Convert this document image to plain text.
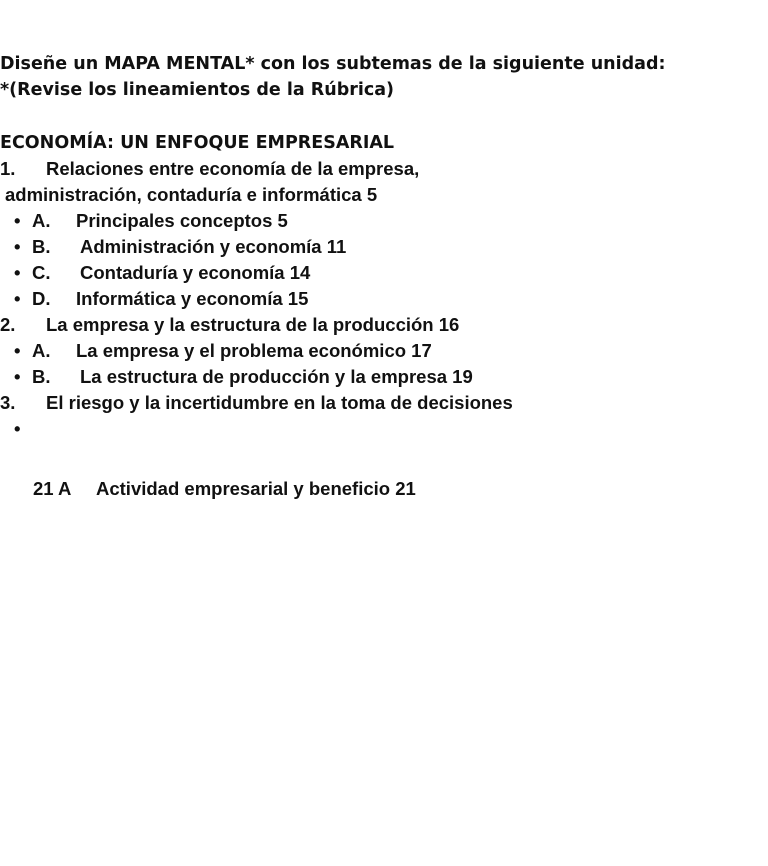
Diseñe un MAPA MENTAL* con los subtemas de la siguiente unidad:
*(Revise los lineamientos de la Rúbrica)
ECONOMÍA: UN ENFOQUE EMPRESARIAL
1. Relaciones entre economía de la empresa,
administración, contaduría e informática 5
• A. Principales conceptos 5
• B. Administración y economía 11
• C. Contaduría y economía 14
• D. Informática y economía 15
2. La empresa y la estructura de la producción 16
• A. La empresa y el problema económico 17
• B. La estructura de producción y la empresa 19
3. El riesgo y la incertidumbre en la toma de decisiones
•
21 A Actividad empresarial y beneficio 21
